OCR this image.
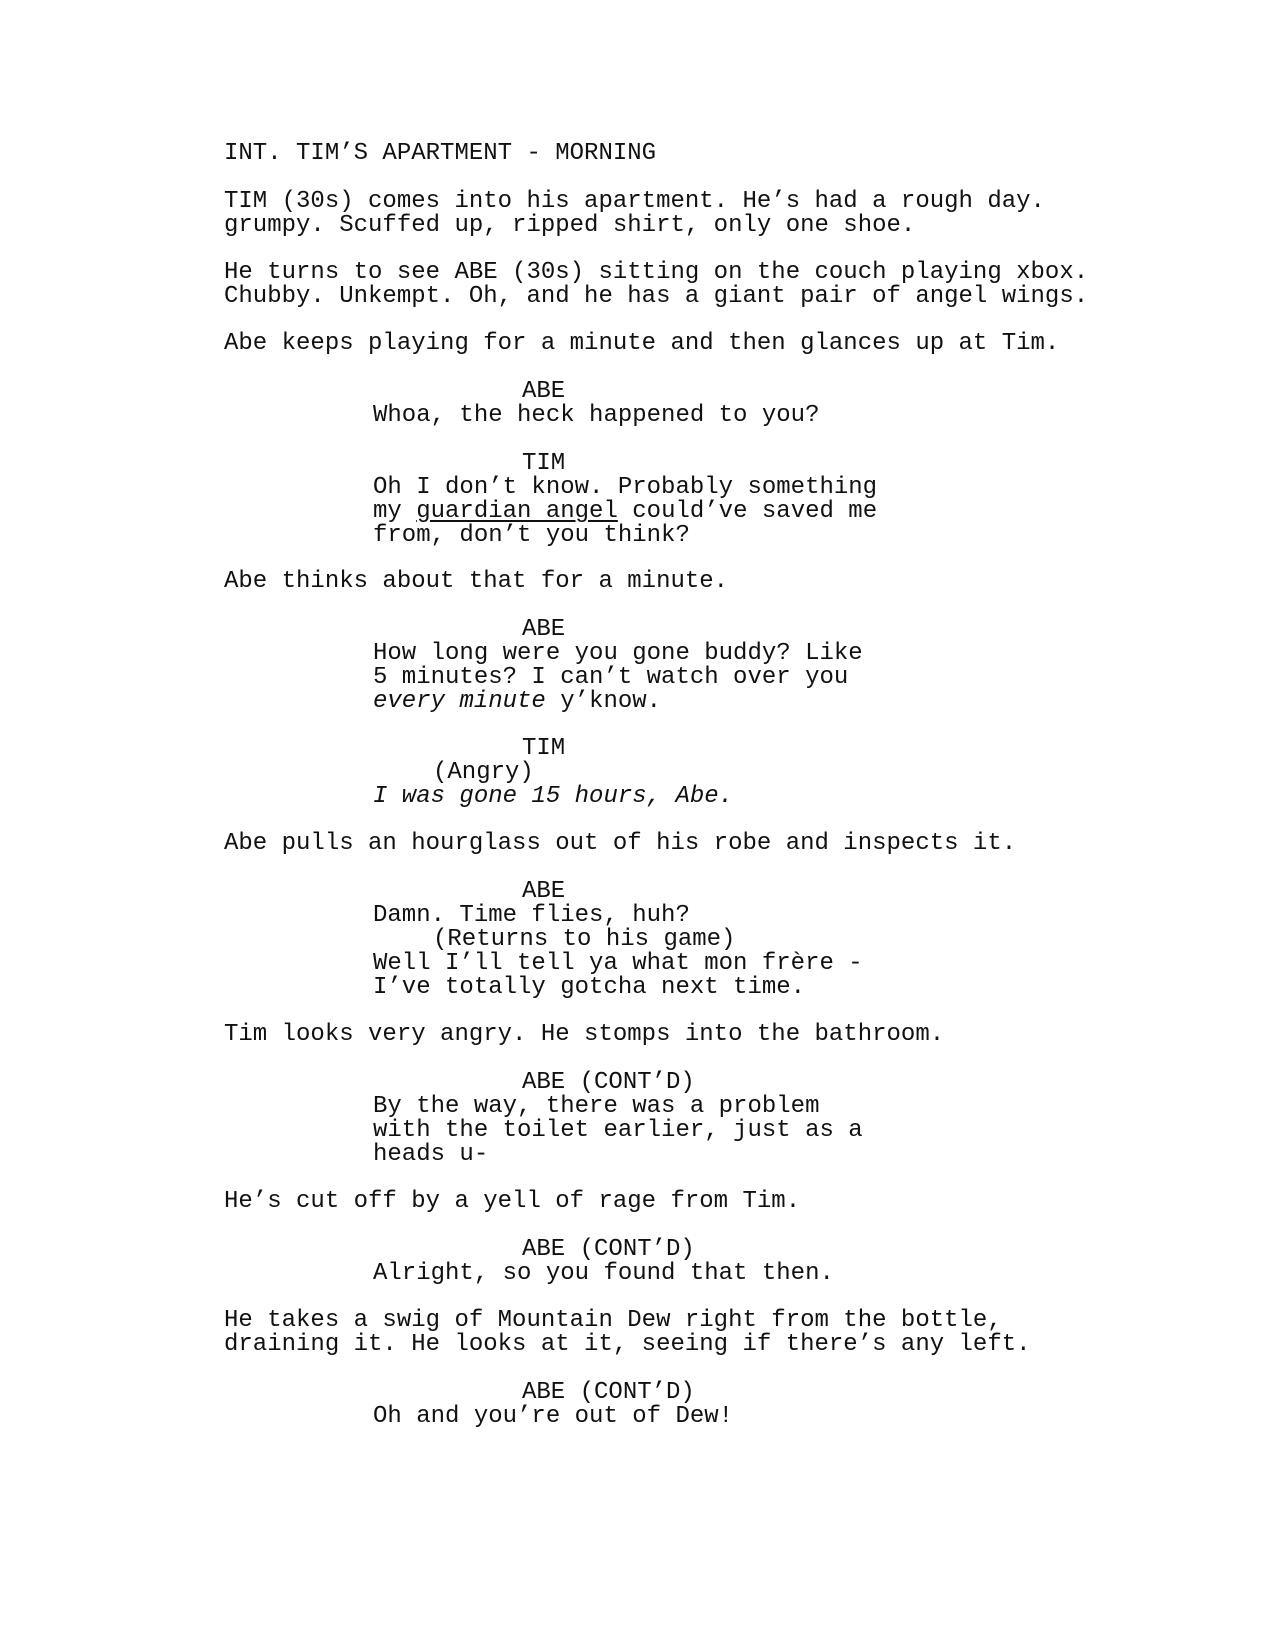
INT. TIM’S APARTMENT - MORNING
TIM (30s) comes into his apartment. He’s had a rough day.
grumpy. Scuffed up, ripped shirt, only one shoe.
He turns to see ABE (30s) sitting on the couch playing xbox.
Chubby. Unkempt. Oh, and he has a giant pair of angel wings.
Abe keeps playing for a minute and then glances up at Tim.
ABE
Whoa, the heck happened to you?
TIM
Oh I don’t know. Probably something
my guardian angel could’ve saved me
from, don’t you think?
Abe thinks about that for a minute.
ABE
How long were you gone buddy? Like
5 minutes? I can’t watch over you
every minute y’know.
TIM
(Angry)
I was gone 15 hours, Abe.
Abe pulls an hourglass out of his robe and inspects it.
ABE
Damn. Time flies, huh?
(Returns to his game)
Well I’ll tell ya what mon frère -
I’ve totally gotcha next time.
Tim looks very angry. He stomps into the bathroom.
ABE (CONT’D)
By the way, there was a problem
with the toilet earlier, just as a
heads u-
He’s cut off by a yell of rage from Tim.
ABE (CONT’D)
Alright, so you found that then.
He takes a swig of Mountain Dew right from the bottle,
draining it. He looks at it, seeing if there’s any left.
ABE (CONT’D)
Oh and you’re out of Dew!
